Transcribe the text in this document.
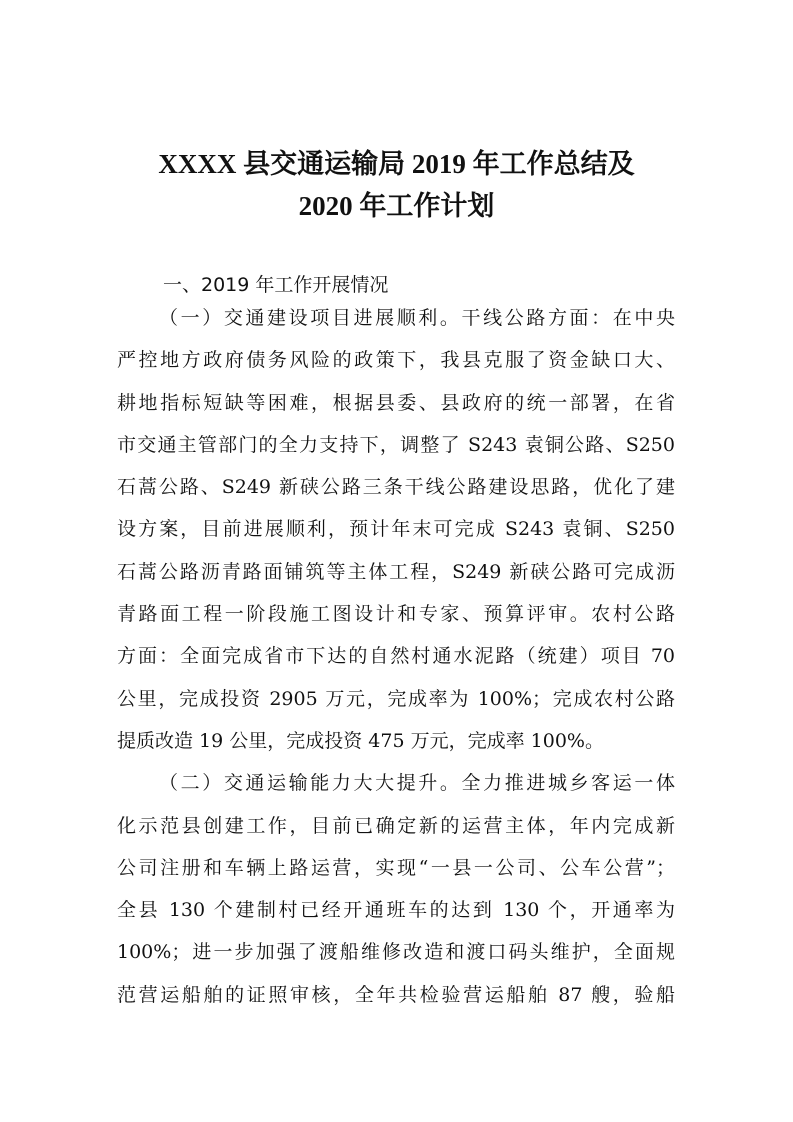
XXXX 县交通运输局 2019 年工作总结及
2020 年工作计划
一、2019 年工作开展情况
（一）交通建设项目进展顺利。干线公路方面：在中央
严控地方政府债务风险的政策下，我县克服了资金缺口大、
耕地指标短缺等困难，根据县委、县政府的统一部署，在省
市交通主管部门的全力支持下，调整了 S243 袁铜公路、S250
石蒿公路、S249 新硖公路三条干线公路建设思路，优化了建
设方案，目前进展顺利，预计年末可完成 S243 袁铜、S250
石蒿公路沥青路面铺筑等主体工程，S249 新硖公路可完成沥
青路面工程一阶段施工图设计和专家、预算评审。农村公路
方面：全面完成省市下达的自然村通水泥路（统建）项目 70
公里，完成投资 2905 万元，完成率为 100%；完成农村公路
提质改造 19 公里，完成投资 475 万元，完成率 100%。
（二）交通运输能力大大提升。全力推进城乡客运一体
化示范县创建工作，目前已确定新的运营主体，年内完成新
公司注册和车辆上路运营，实现“一县一公司、公车公营”；
全县 130 个建制村已经开通班车的达到 130 个，开通率为
100%；进一步加强了渡船维修改造和渡口码头维护，全面规
范营运船舶的证照审核，全年共检验营运船舶 87 艘，验船
